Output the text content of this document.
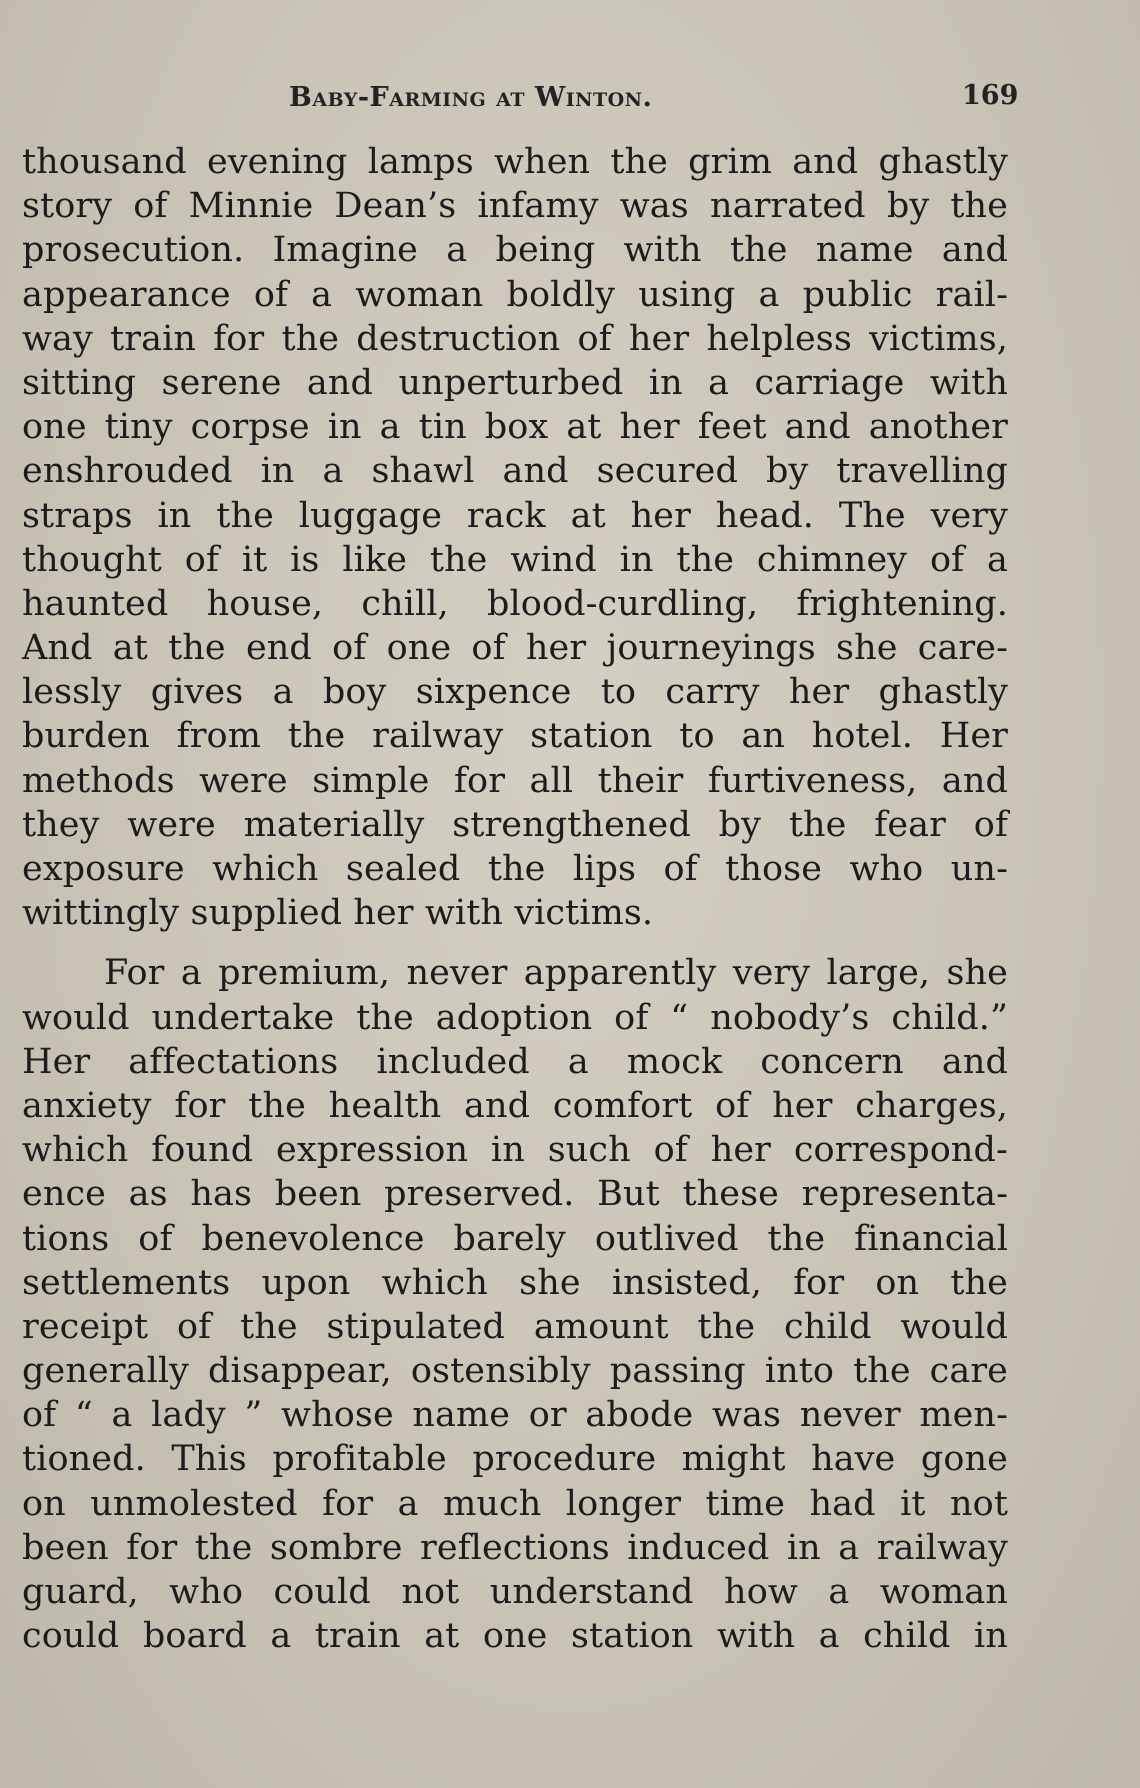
Baby-Farming at Winton.	169
thousand evening lamps when the grim and ghastly
story of Minnie Dean’s infamy was narrated by the
prosecution. Imagine a being with the name and
appearance of a woman boldly using a public rail-
way train for the destruction of her helpless victims,
sitting serene and unperturbed in a carriage with
one tiny corpse in a tin box at her feet and another
enshrouded in a shawl and secured by travelling
straps in the luggage rack at her head. The very
thought of it is like the wind in the chimney of a
haunted house, chill, blood-curdling, frightening.
And at the end of one of her journeyings she care-
lessly gives a boy sixpence to carry her ghastly
burden from the railway station to an hotel. Her
methods were simple for all their furtiveness, and
they were materially strengthened by the fear of
exposure which sealed the lips of those who un-
wittingly supplied her with victims.
For a premium, never apparently very large, she
would undertake the adoption of “ nobody’s child.”
Her affectations included a mock concern and
anxiety for the health and comfort of her charges,
which found expression in such of her correspond-
ence as has been preserved. But these representa-
tions of benevolence barely outlived the financial
settlements upon which she insisted, for on the
receipt of the stipulated amount the child would
generally disappear, ostensibly passing into the care
of “ a lady ” whose name or abode was never men-
tioned. This profitable procedure might have gone
on unmolested for a much longer time had it not
been for the sombre reflections induced in a railway
guard, who could not understand how a woman
could board a train at one station with a child in
